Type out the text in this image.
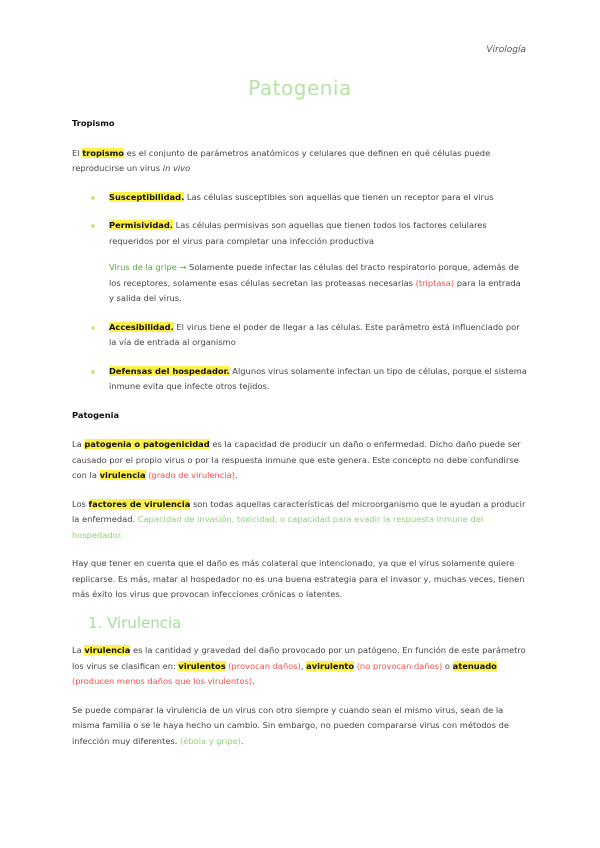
Virología
Patogenia
Tropismo

El tropismo es el conjunto de parámetros anatómicos y celulares que definen en qué células puede reproducirse un virus in vivo

Susceptibilidad. Las células susceptibles son aquellas que tienen un receptor para el virus
Permisividad. Las células permisivas son aquellas que tienen todos los factores celulares requeridos por el virus para completar una infección productiva

Virus de la gripe → Solamente puede infectar las células del tracto respiratorio porque, además de los receptores, solamente esas células secretan las proteasas necesarias (triptasa) para la entrada y salida del virus.

Accesibilidad. El virus tiene el poder de llegar a las células. Este parámetro está influenciado por la vía de entrada al organismo
Defensas del hospedador. Algunos virus solamente infectan un tipo de células, porque el sistema inmune evita que infecte otros tejidos.
Patogenia

La patogenia o patogenicidad es la capacidad de producir un daño o enfermedad. Dicho daño puede ser causado por el propio virus o por la respuesta inmune que este genera. Este concepto no debe confundirse con la virulencia (grado de virulencia).

Los factores de virulencia son todas aquellas características del microorganismo que le ayudan a producir la enfermedad. Capacidad de invasión, toxicidad, o capacidad para evadir la respuesta inmune del hospedador.

Hay que tener en cuenta que el daño es más colateral que intencionado, ya que el virus solamente quiere replicarse. Es más, matar al hospedador no es una buena estrategia para el invasor y, muchas veces, tienen más éxito los virus que provocan infecciones crónicas o latentes.

1. Virulencia

La virulencia es la cantidad y gravedad del daño provocado por un patógeno. En función de este parámetro los virus se clasifican en: virulentos (provocan daños), avirulento (no provocan daños) o atenuado (producen menos daños que los virulentos).

Se puede comparar la virulencia de un virus con otro siempre y cuando sean el mismo virus, sean de la misma familia o se le haya hecho un cambio. Sin embargo, no pueden compararse virus con métodos de infección muy diferentes. (ébola y gripe).
